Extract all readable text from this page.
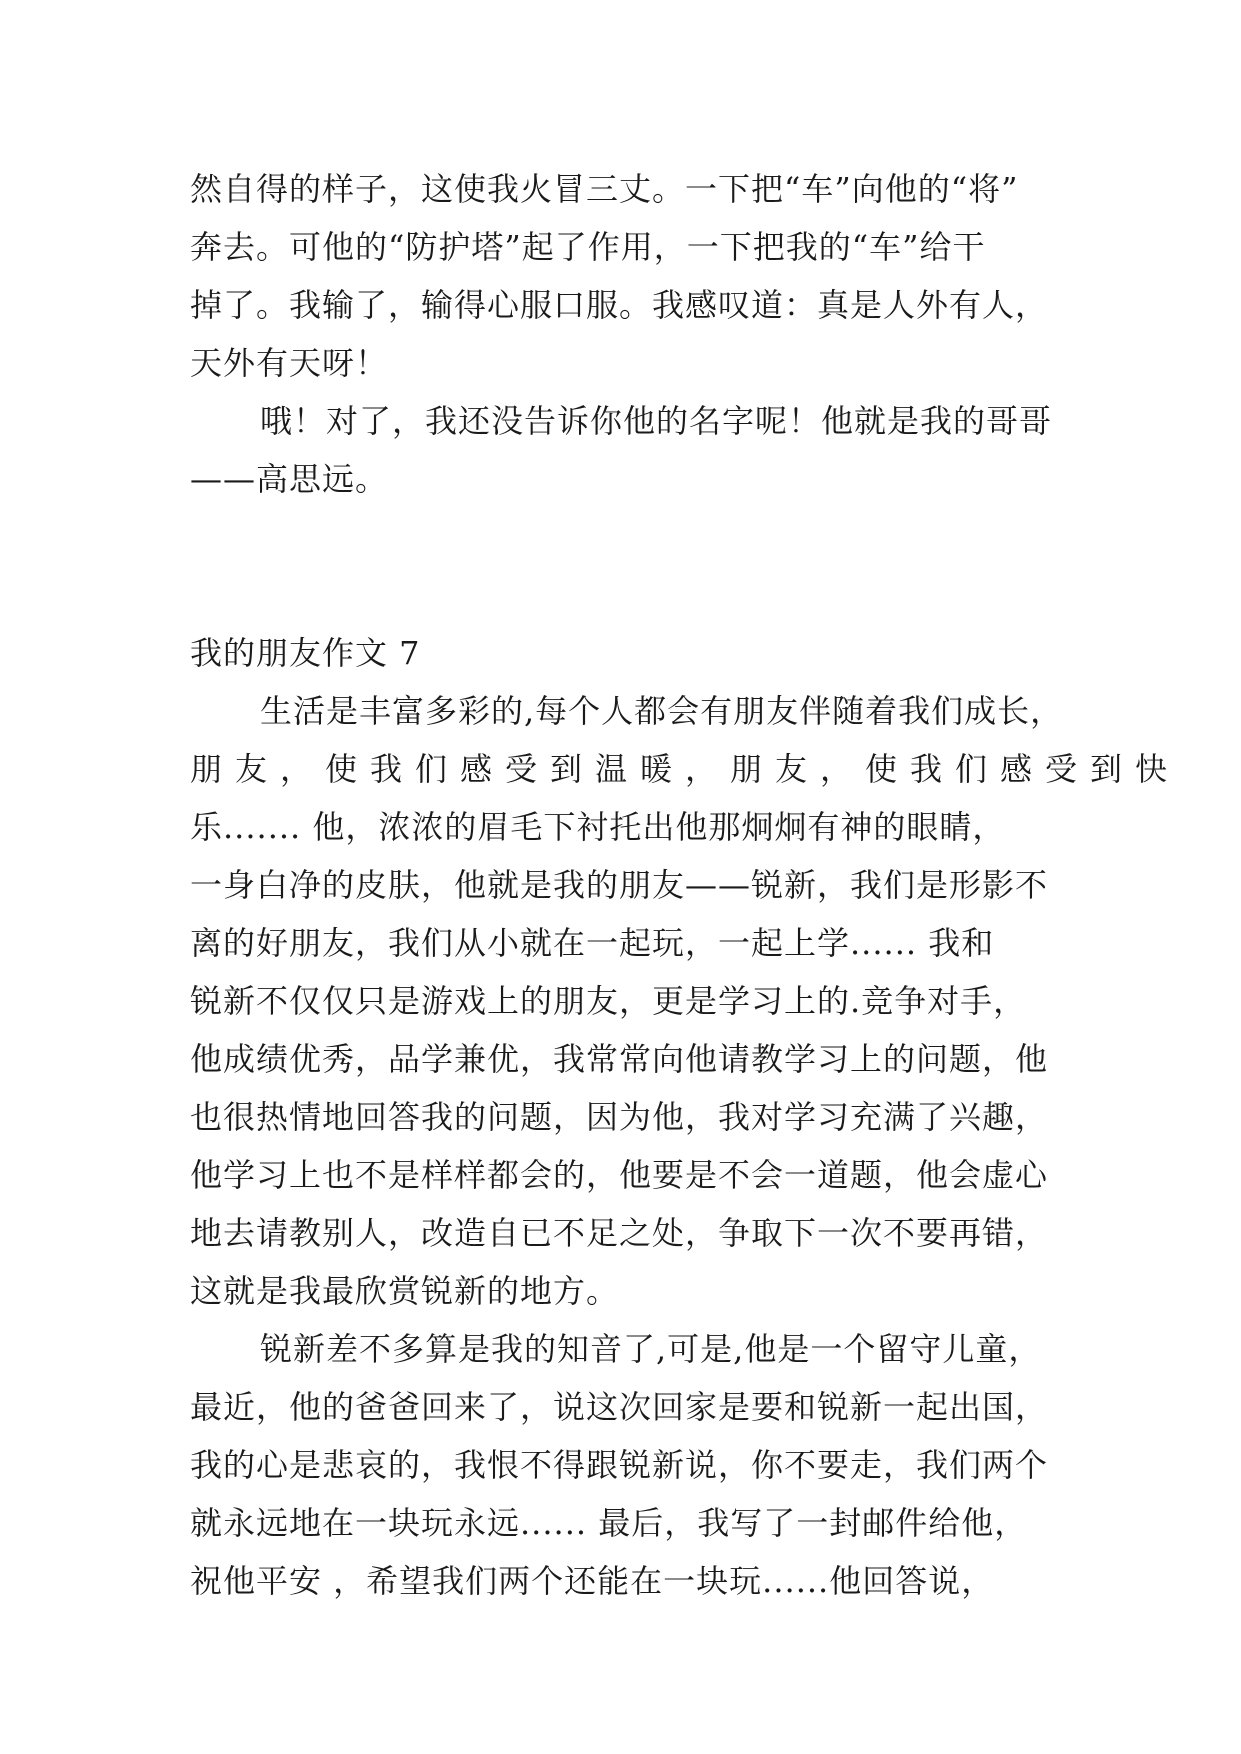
然自得的样子，这使我火冒三丈。一下把“车”向他的“将”
奔去。可他的“防护塔”起了作用，一下把我的“车”给干
掉了。我输了，输得心服口服。我感叹道：真是人外有人，
天外有天呀！
哦！对了，我还没告诉你他的名字呢！他就是我的哥哥
——高思远。
我的朋友作文 7
生活是丰富多彩的,每个人都会有朋友伴随着我们成长，
朋友，使我们感受到温暖，朋友，使我们感受到快
乐....... 他，浓浓的眉毛下衬托出他那炯炯有神的眼睛，
一身白净的皮肤，他就是我的朋友——锐新，我们是形影不
离的好朋友，我们从小就在一起玩，一起上学...... 我和
锐新不仅仅只是游戏上的朋友，更是学习上的.竞争对手，
他成绩优秀，品学兼优，我常常向他请教学习上的问题，他
也很热情地回答我的问题，因为他，我对学习充满了兴趣，
他学习上也不是样样都会的，他要是不会一道题，他会虚心
地去请教别人，改造自已不足之处，争取下一次不要再错，
这就是我最欣赏锐新的地方。
锐新差不多算是我的知音了,可是,他是一个留守儿童，
最近，他的爸爸回来了，说这次回家是要和锐新一起出国，
我的心是悲哀的，我恨不得跟锐新说，你不要走，我们两个
就永远地在一块玩永远...... 最后，我写了一封邮件给他，
祝他平安 ，希望我们两个还能在一块玩......他回答说，
